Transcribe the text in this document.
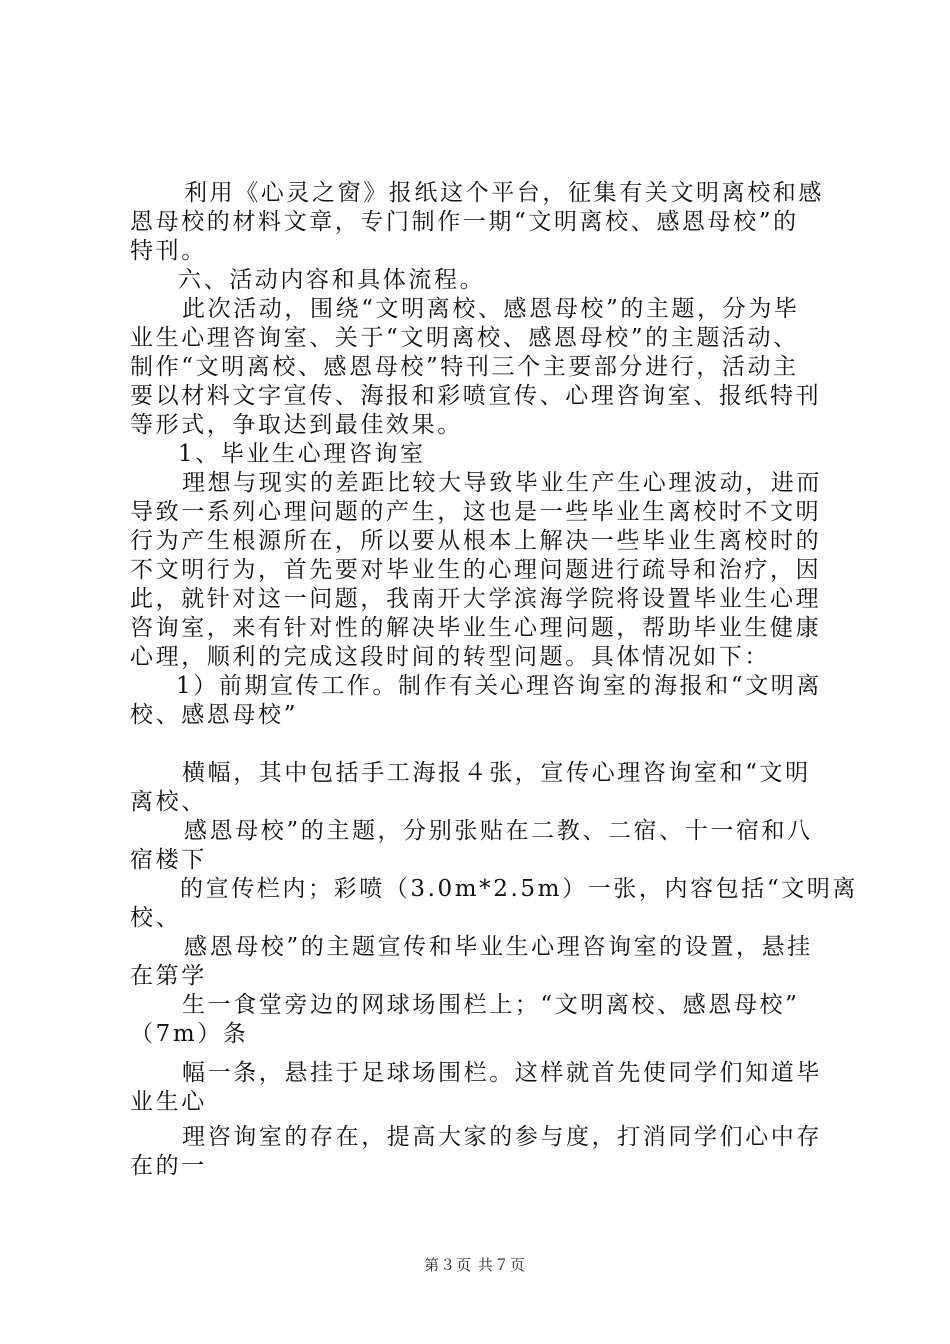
利用《心灵之窗》报纸这个平台，征集有关文明离校和感
恩母校的材料文章，专门制作一期“文明离校、感恩母校”的
特刊。
六、活动内容和具体流程。
此次活动，围绕“文明离校、感恩母校”的主题，分为毕
业生心理咨询室、关于“文明离校、感恩母校”的主题活动、
制作“文明离校、感恩母校”特刊三个主要部分进行，活动主
要以材料文字宣传、海报和彩喷宣传、心理咨询室、报纸特刊
等形式，争取达到最佳效果。
1、毕业生心理咨询室
理想与现实的差距比较大导致毕业生产生心理波动，进而
导致一系列心理问题的产生，这也是一些毕业生离校时不文明
行为产生根源所在，所以要从根本上解决一些毕业生离校时的
不文明行为，首先要对毕业生的心理问题进行疏导和治疗，因
此，就针对这一问题，我南开大学滨海学院将设置毕业生心理
咨询室，来有针对性的解决毕业生心理问题，帮助毕业生健康
心理，顺利的完成这段时间的转型问题。具体情况如下：
1）前期宣传工作。制作有关心理咨询室的海报和“文明离
校、感恩母校”
横幅，其中包括手工海报４张，宣传心理咨询室和“文明
离校、
感恩母校”的主题，分别张贴在二教、二宿、十一宿和八
宿楼下
的宣传栏内；彩喷（3.0m*2.5m）一张，内容包括“文明离
校、
感恩母校”的主题宣传和毕业生心理咨询室的设置，悬挂
在第学
生一食堂旁边的网球场围栏上；“文明离校、感恩母校”
（7m）条
幅一条，悬挂于足球场围栏。这样就首先使同学们知道毕
业生心
理咨询室的存在，提高大家的参与度，打消同学们心中存
在的一
第３页 共７页
